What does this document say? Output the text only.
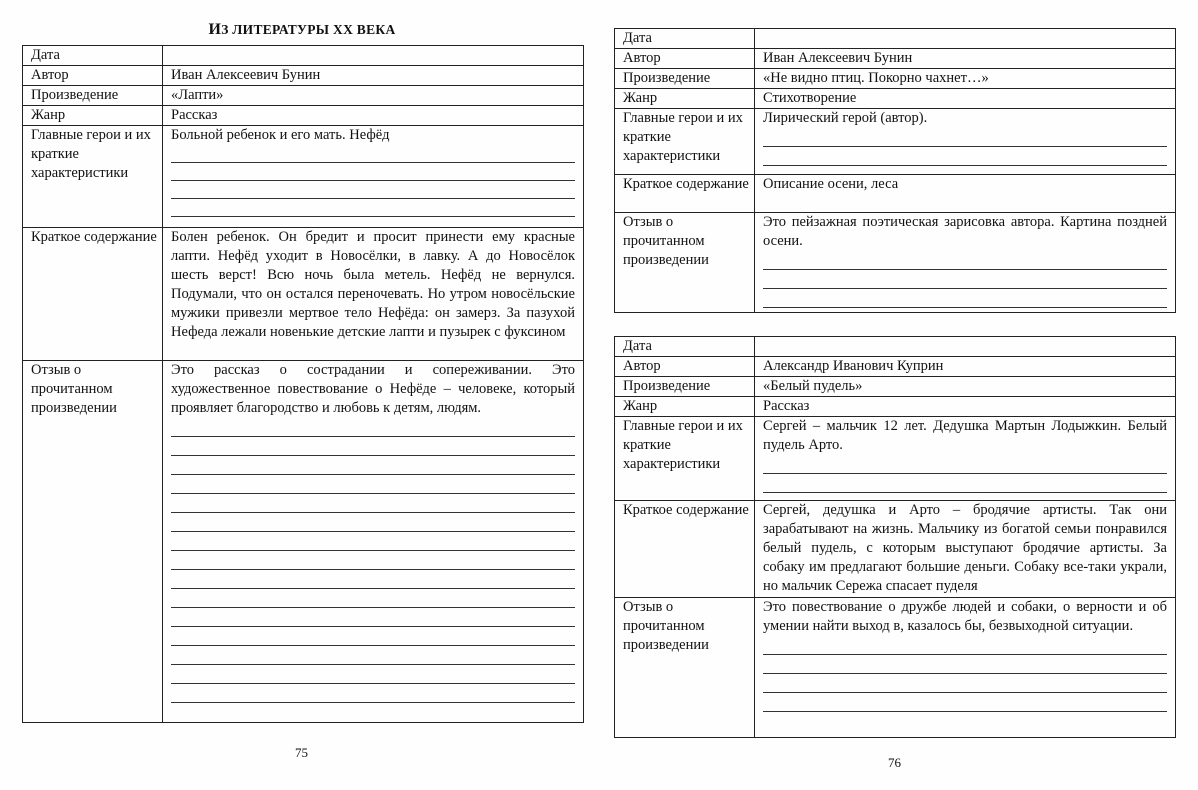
ИЗ ЛИТЕРАТУРЫ XX ВЕКА
Дата	
Автор	Иван Алексеевич Бунин
Произведение	«Лапти»
Жанр	Рассказ
Главные герои и их краткие характеристики	Больной ребенок и его мать. Нефёд

Краткое содержание	Болен ребенок. Он бредит и просит принести ему красные лапти. Нефёд уходит в Новосёлки, в лавку. А до Новосёлок шесть верст! Всю ночь была метель. Нефёд не вернулся. Подумали, что он остался переночевать. Но утром новосёльские мужики привезли мертвое тело Нефёда: он замерз. За пазухой Нефеда лежали новенькие детские лапти и пузырек с фуксином
Отзыв о прочитанном произведении	Это рассказ о сострадании и сопереживании. Это художественное повествование о Нефёде – человеке, который проявляет благородство и любовь к детям, людям.
75
Дата	
Автор	Иван Алексеевич Бунин
Произведение	«Не видно птиц. Покорно чахнет…»
Жанр	Стихотворение
Главные герои и их краткие характеристики	Лирический герой (автор).

Краткое содержание	Описание осени, леса
Отзыв о прочитанном произведении	Это пейзажная поэтическая зарисовка автора. Картина поздней осени.
Дата	
Автор	Александр Иванович Куприн
Произведение	«Белый пудель»
Жанр	Рассказ
Главные герои и их краткие характеристики	Сергей – мальчик 12 лет. Дедушка Мартын Лодыжкин. Белый пудель Арто.

Краткое содержание	Сергей, дедушка и Арто – бродячие артисты. Так они зарабатывают на жизнь. Мальчику из богатой семьи понравился белый пудель, с которым выступают бродячие артисты. За собаку им предлагают большие деньги. Собаку все-таки украли, но мальчик Сережа спасает пуделя
Отзыв о прочитанном произведении	Это повествование о дружбе людей и собаки, о верности и об умении найти выход в, казалось бы, безвыходной ситуации.
76
